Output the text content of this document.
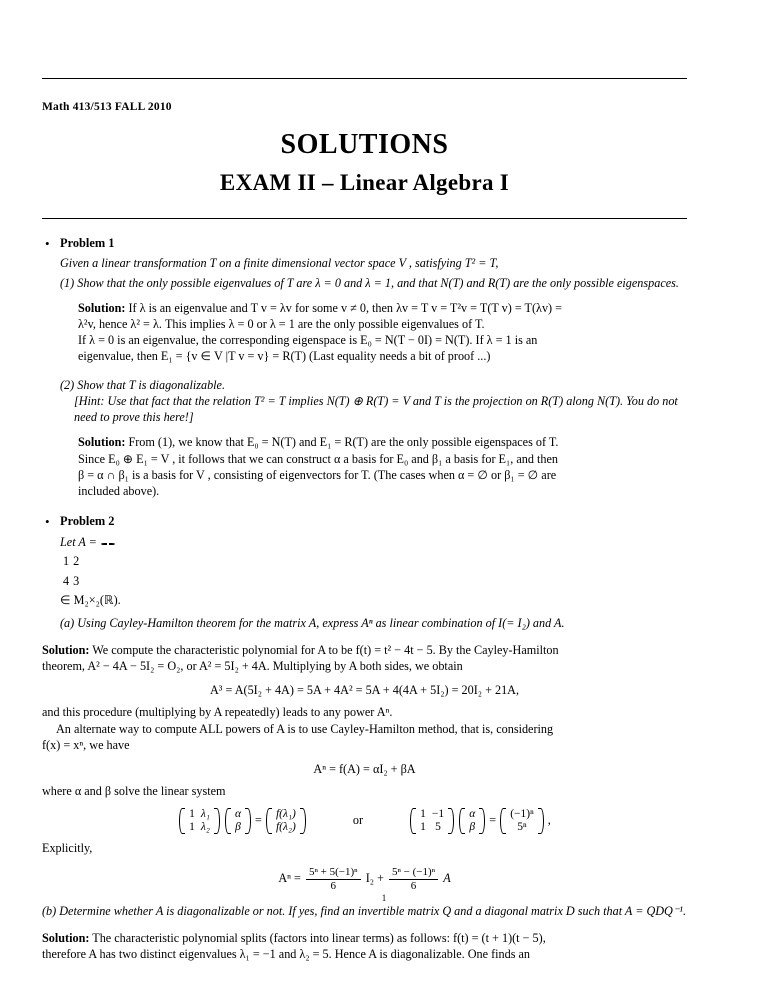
Math 413/513 FALL 2010
SOLUTIONS
EXAM II – Linear Algebra I
• Problem 1

Given a linear transformation T on a finite dimensional vector space V , satisfying T² = T,

(1) Show that the only possible eigenvalues of T are λ = 0 and λ = 1, and that N(T) and R(T) are the only possible eigenspaces.

Solution: If λ is an eigenvalue and T v = λv for some v ≠ 0, then λv = T v = T²v = T(T v) = T(λv) =
λ²v, hence λ² = λ. This implies λ = 0 or λ = 1 are the only possible eigenvalues of T.
If λ = 0 is an eigenvalue, the corresponding eigenspace is E₀ = N(T − 0I) = N(T). If λ = 1 is an
eigenvalue, then E₁ = {v ∈ V |T v = v} = R(T) (Last equality needs a bit of proof ...)

(2) Show that T is diagonalizable.
[Hint: Use that fact that the relation T² = T implies N(T) ⊕ R(T) = V and T is the projection on R(T) along N(T). You do not need to prove this here!]

Solution: From (1), we know that E₀ = N(T) and E₁ = R(T) are the only possible eigenspaces of T.
Since E₀ ⊕ E₁ = V , it follows that we can construct α a basis for E₀ and β₁ a basis for E₁, and then
β = α ∩ β₁ is a basis for V , consisting of eigenvectors for T. (The cases when α = ∅ or β₁ = ∅ are
included above).
• Problem 2

Let A =

1	2
4	3
∈ M₂×₂(ℝ).

(a) Using Cayley-Hamilton theorem for the matrix A, express Aⁿ as linear combination of I(= I₂) and A.

Solution: We compute the characteristic polynomial for A to be f(t) = t² − 4t − 5. By the Cayley-Hamilton
theorem, A² − 4A − 5I₂ = O₂, or A² = 5I₂ + 4A. Multiplying by A both sides, we obtain
A³ = A(5I₂ + 4A) = 5A + 4A² = 5A + 4(4A + 5I₂) = 20I₂ + 21A,
and this procedure (multiplying by A repeatedly) leads to any power Aⁿ.
An alternate way to compute ALL powers of A is to use Cayley-Hamilton method, that is, considering
f(x) = xⁿ, we have
Aⁿ = f(A) = αI₂ + βA
where α and β solve the linear system
1	λ₁
1	λ₂

α
β
= f(λ₁)
f(λ₂)
or	1	−1
1	5

α
β
= (−1)ⁿ
5ⁿ
,
Explicitly,
$A^n = \frac{\text{5ⁿ + 5(−1)ⁿ}}{6} I_2 + \frac{\text{5ⁿ − (−1)ⁿ}}{6}$ A

(b) Determine whether A is diagonalizable or not. If yes, find an invertible matrix Q and a diagonal matrix D such that A = QDQ⁻¹.

Solution: The characteristic polynomial splits (factors into linear terms) as follows: f(t) = (t + 1)(t − 5),
therefore A has two distinct eigenvalues λ₁ = −1 and λ₂ = 5. Hence A is diagonalizable. One finds an
1
